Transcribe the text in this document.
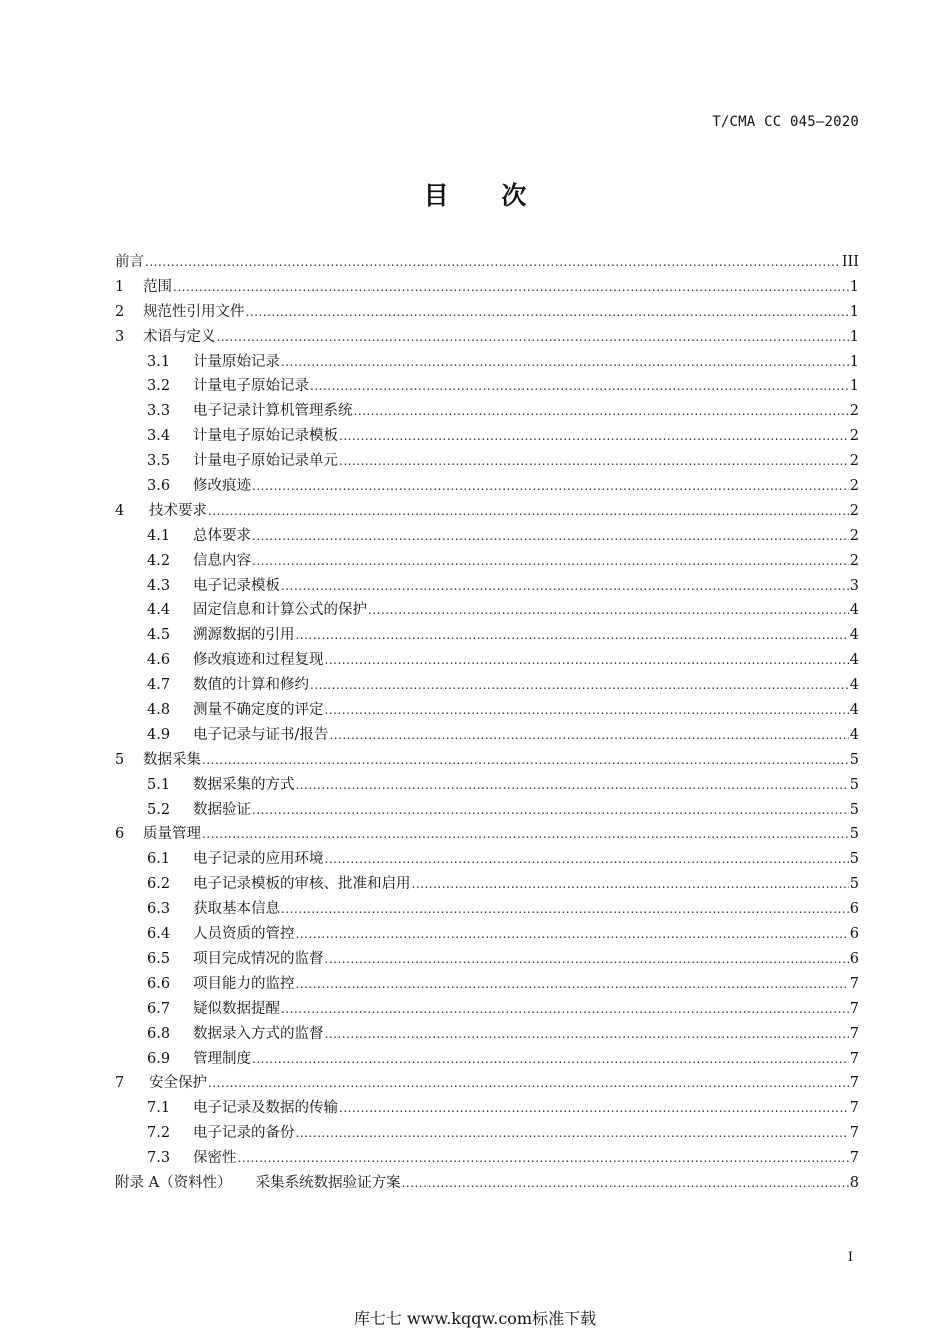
T/CMA CC 045—2020
目 次
前言 .....	III
1	范围 .....	1
2	规范性引用文件 .....	1
3	术语与定义 .....	1
3.1	计量原始记录 .....	1
3.2	计量电子原始记录 .....	1
3.3	电子记录计算机管理系统 .....	2
3.4	计量电子原始记录模板 .....	2
3.5	计量电子原始记录单元 .....	2
3.6	修改痕迹 .....	2
4	技术要求 .....	2
4.1	总体要求 .....	2
4.2	信息内容 .....	2
4.3	电子记录模板 .....	3
4.4	固定信息和计算公式的保护 .....	4
4.5	溯源数据的引用 .....	4
4.6	修改痕迹和过程复现 .....	4
4.7	数值的计算和修约 .....	4
4.8	测量不确定度的评定 .....	4
4.9	电子记录与证书/报告 .....	4
5	数据采集 .....	5
5.1	数据采集的方式 .....	5
5.2	数据验证 .....	5
6	质量管理 .....	5
6.1	电子记录的应用环境 .....	5
6.2	电子记录模板的审核、批准和启用 .....	5
6.3	获取基本信息 .....	6
6.4	人员资质的管控 .....	6
6.5	项目完成情况的监督 .....	6
6.6	项目能力的监控 .....	7
6.7	疑似数据提醒 .....	7
6.8	数据录入方式的监督 .....	7
6.9	管理制度 .....	7
7	安全保护 .....	7
7.1	电子记录及数据的传输 .....	7
7.2	电子记录的备份 .....	7
7.3	保密性 .....	7
附录 A（资料性） 采集系统数据验证方案 .....	8
I
库七七 www.kqqw.com标准下载
